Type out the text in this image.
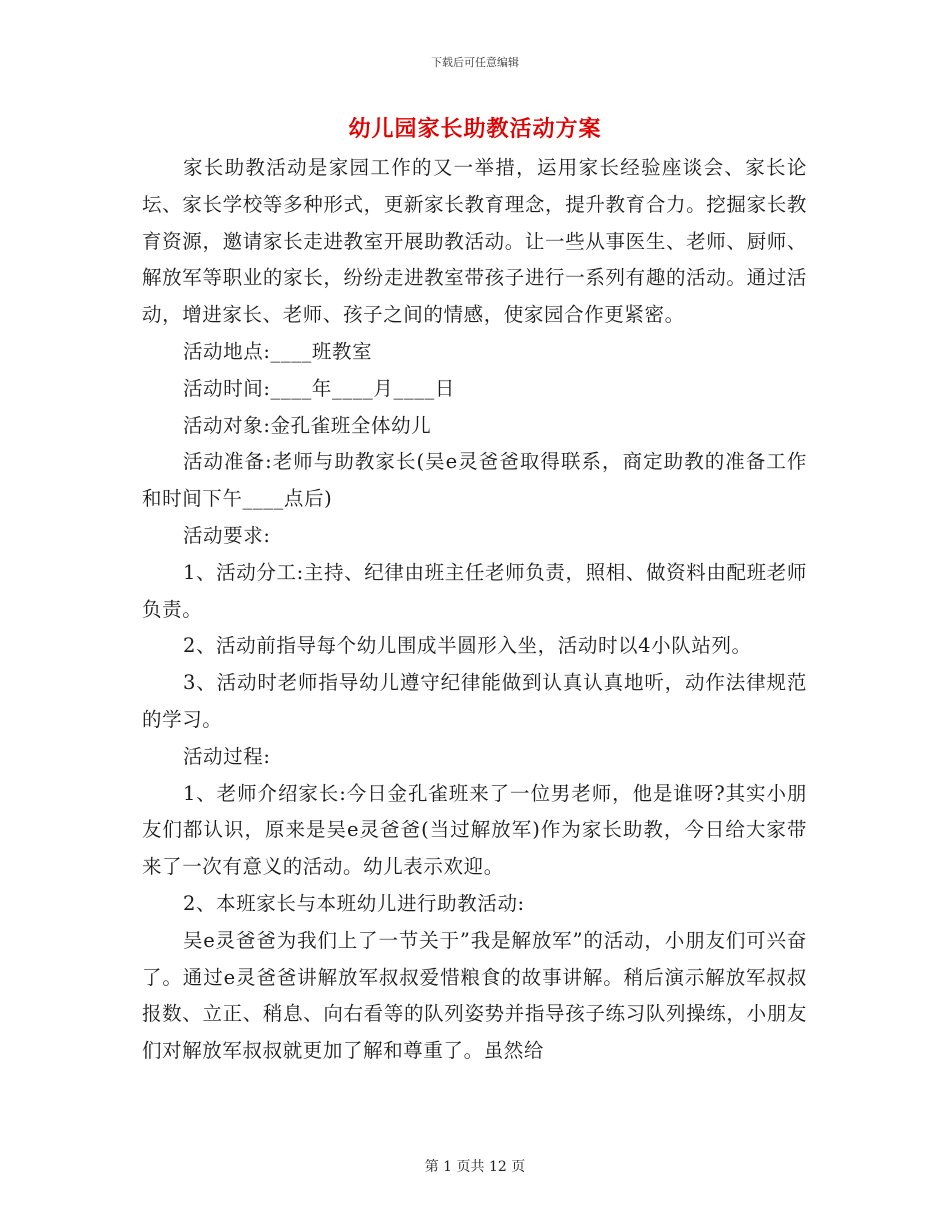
下载后可任意编辑
幼儿园家长助教活动方案

家长助教活动是家园工作的又一举措，运用家长经验座谈会、家长论坛、家长学校等多种形式，更新家长教育理念，提升教育合力。挖掘家长教育资源，邀请家长走进教室开展助教活动。让一些从事医生、老师、厨师、解放军等职业的家长，纷纷走进教室带孩子进行一系列有趣的活动。通过活动，增进家长、老师、孩子之间的情感，使家园合作更紧密。

活动地点:____班教室

活动时间:____年____月____日

活动对象:金孔雀班全体幼儿

活动准备:老师与助教家长(吴e灵爸爸取得联系，商定助教的准备工作和时间下午____点后)

活动要求:

1、活动分工:主持、纪律由班主任老师负责，照相、做资料由配班老师负责。

2、活动前指导每个幼儿围成半圆形入坐，活动时以4小队站列。

3、活动时老师指导幼儿遵守纪律能做到认真认真地听，动作法律规范的学习。

活动过程:

1、老师介绍家长:今日金孔雀班来了一位男老师，他是谁呀?其实小朋友们都认识，原来是吴e灵爸爸(当过解放军)作为家长助教，今日给大家带来了一次有意义的活动。幼儿表示欢迎。

2、本班家长与本班幼儿进行助教活动:

吴e灵爸爸为我们上了一节关于”我是解放军”的活动，小朋友们可兴奋了。通过e灵爸爸讲解放军叔叔爱惜粮食的故事讲解。稍后演示解放军叔叔报数、立正、稍息、向右看等的队列姿势并指导孩子练习队列操练，小朋友们对解放军叔叔就更加了解和尊重了。虽然给

第 1 页共 12 页
